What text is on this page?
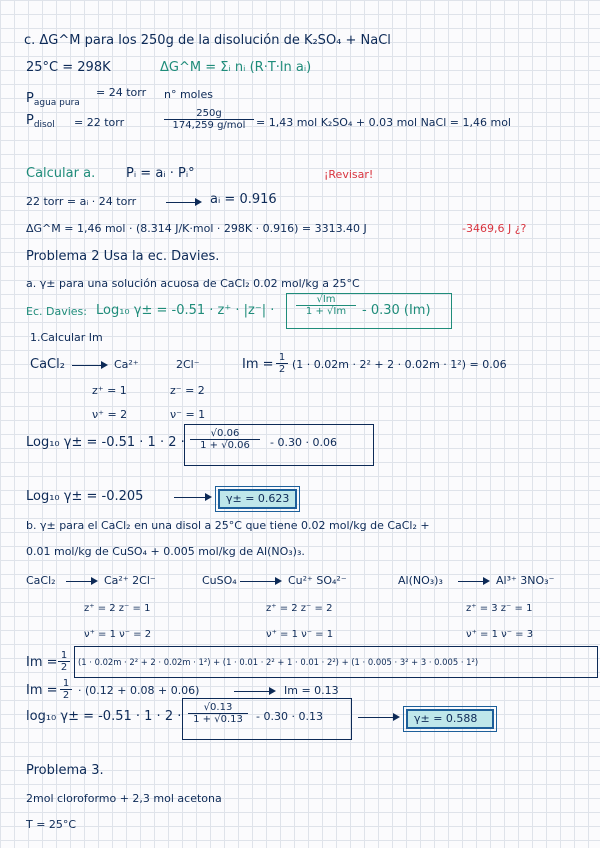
c. ΔG^M para los 250g de la disolución de K₂SO₄ + NaCl
25°C = 298K	ΔG^M = Σᵢ nᵢ (R·T·ln aᵢ)
$P_{agua pura}$
= 24 torr n° moles
$P_{disol} = 22$ torr
250g
174,259 g/mol = 1,43 mol K₂SO₄ + 0.03 mol NaCl = 1,46 mol
Calcular a. Pᵢ = aᵢ · Pᵢ°	¡Revisar!
22 torr = aᵢ · 24 torr	aᵢ = 0.916
ΔG^M = 1,46 mol · (8.314 J/K·mol · 298K · 0.916) = 3313.40 J	-3469,6 J ¿?
Problema 2 Usa la ec. Davies.
a. γ± para una solución acuosa de CaCl₂ 0.02 mol/kg a 25°C
Ec. Davies: Log₁₀ $\gamma\pm = -0.51 \cdot z^+ \cdot |z^-| \cdot \frac{√Im}{1 + √Im} - 0.30$ (Im)
1.Calcular Im
CaCl₂	Ca²⁺	2Cl⁻	$Im = \frac{1}{2} (1 \cdot 0.02m \cdot 2^2 + 2 \cdot 0.02m \cdot 1^2) = 0.06$
z⁺ = 1	z⁻ = 2
ν⁺ = 2	ν⁻ = 1
Log₁₀ $\gamma\pm = -0.51 \cdot 1 \cdot 2 \cdot \frac{√0.06}{1 + √0.06} - 0.30 \cdot 0.06$
Log₁₀ γ± = -0.205	γ± = 0.623
b. γ± para el CaCl₂ en una disol a 25°C que tiene 0.02 mol/kg de CaCl₂ +
0.01 mol/kg de CuSO₄ + 0.005 mol/kg de Al(NO₃)₃.
CaCl₂	Ca²⁺ 2Cl⁻	CuSO₄	Cu²⁺ SO₄²⁻	Al(NO₃)₃	Al³⁺ 3NO₃⁻
z⁺ = 2 z⁻ = 1	z⁺ = 2 z⁻ = 2	z⁺ = 3 z⁻ = 1
ν⁺ = 1 ν⁻ = 2	ν⁺ = 1 ν⁻ = 1	ν⁺ = 1 ν⁻ = 3
$Im = \frac{1}{2} (1 \cdot 0.02m \cdot 2^2 + 2 \cdot 0.02m \cdot 1^2) + (1 \cdot 0.01 \cdot 2^2 + 1 \cdot 0.01 \cdot 2^2) + (1 \cdot 0.005 \cdot 3^2 + 3 \cdot 0.005 \cdot 1^2)$
$Im = \frac{1}{2} \cdot (0.12 + 0.08 + 0.06)$	Im = 0.13
log₁₀ $\gamma\pm = -0.51 \cdot 1 \cdot 2 \cdot \frac{√0.13}{1 + √0.13} - 0.30 \cdot 0.13$	γ± = 0.588
Problema 3.
2mol cloroformo + 2,3 mol acetona
T = 25°C
